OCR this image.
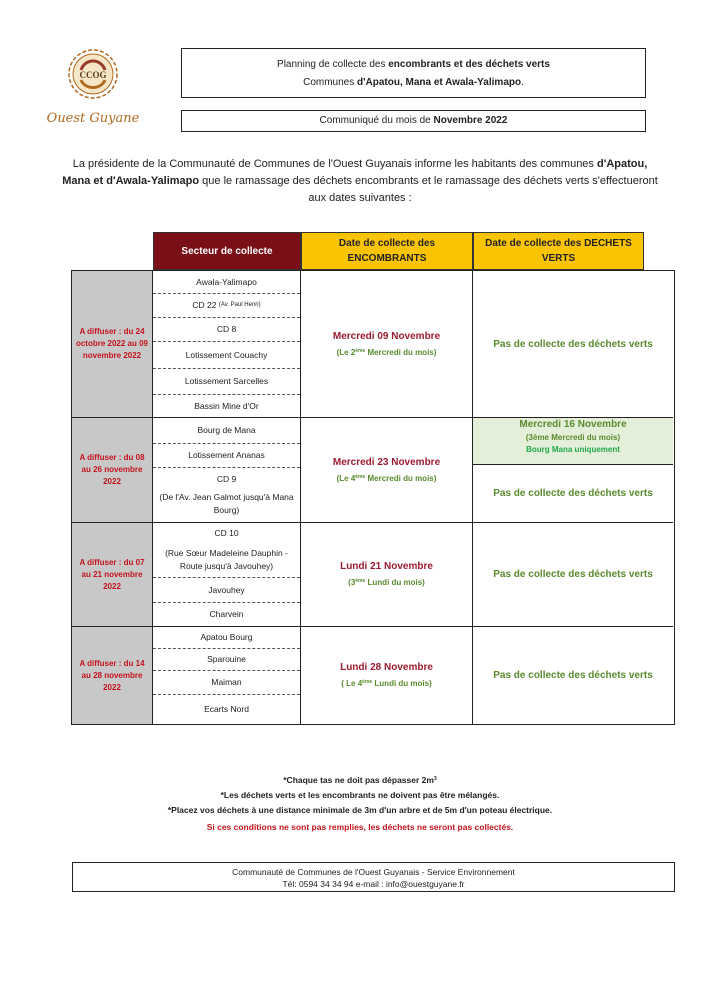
CCOG
Ouest Guyane
Planning de collecte des encombrants et des déchets verts
Communes d'Apatou, Mana et Awala-Yalimapo.
Communiqué du mois de Novembre 2022
La présidente de la Communauté de Communes de l'Ouest Guyanais informe les habitants des communes d'Apatou, Mana et d'Awala-Yalimapo que le ramassage des déchets encombrants et le ramassage des déchets verts s'effectueront aux dates suivantes :
Secteur de collecte
Date de collecte des ENCOMBRANTS
Date de collecte des DECHETS VERTS
A diffuser : du 24 octobre 2022 au 09 novembre 2022
Awala-Yalimapo
CD 22
(Av. Paul Henri)
CD 8
Lotissement Couachy
Lotissement Sarcelles
Bassin Mine d'Or
Mercredi 09 Novembre
(Le 2ème Mercredi du mois)
Pas de collecte des déchets verts
A diffuser : du 08 au 26 novembre 2022
Bourg de Mana
Lotissement Ananas
CD 9
(De l'Av. Jean Galmot jusqu'à Mana Bourg)
Mercredi 23 Novembre
(Le 4ème Mercredi du mois)
Mercredi 16 Novembre
(3ème Mercredi du mois)
Bourg Mana uniquement
Pas de collecte des déchets verts
A diffuser : du 07 au 21 novembre 2022
CD 10
(Rue Sœur Madeleine Dauphin - Route jusqu'à Javouhey)
Javouhey
Charvein
Lundi 21 Novembre
(3ème Lundi du mois)
Pas de collecte des déchets verts
A diffuser : du 14 au 28 novembre 2022
Apatou Bourg
Sparouine
Maiman
Ecarts Nord
Lundi 28 Novembre
( Le 4ème Lundi du mois)
Pas de collecte des déchets verts
*Chaque tas ne doit pas dépasser $2m^3$
*Les déchets verts et les encombrants ne doivent pas être mélangés.
*Placez vos déchets à une distance minimale de 3m d'un arbre et de 5m d'un poteau électrique.
Si ces conditions ne sont pas remplies, les déchets ne seront pas collectés.
Communauté de Communes de l'Ouest Guyanais - Service Environnement
Tél: 0594 34 34 94 e-mail : info@ouestguyane.fr
